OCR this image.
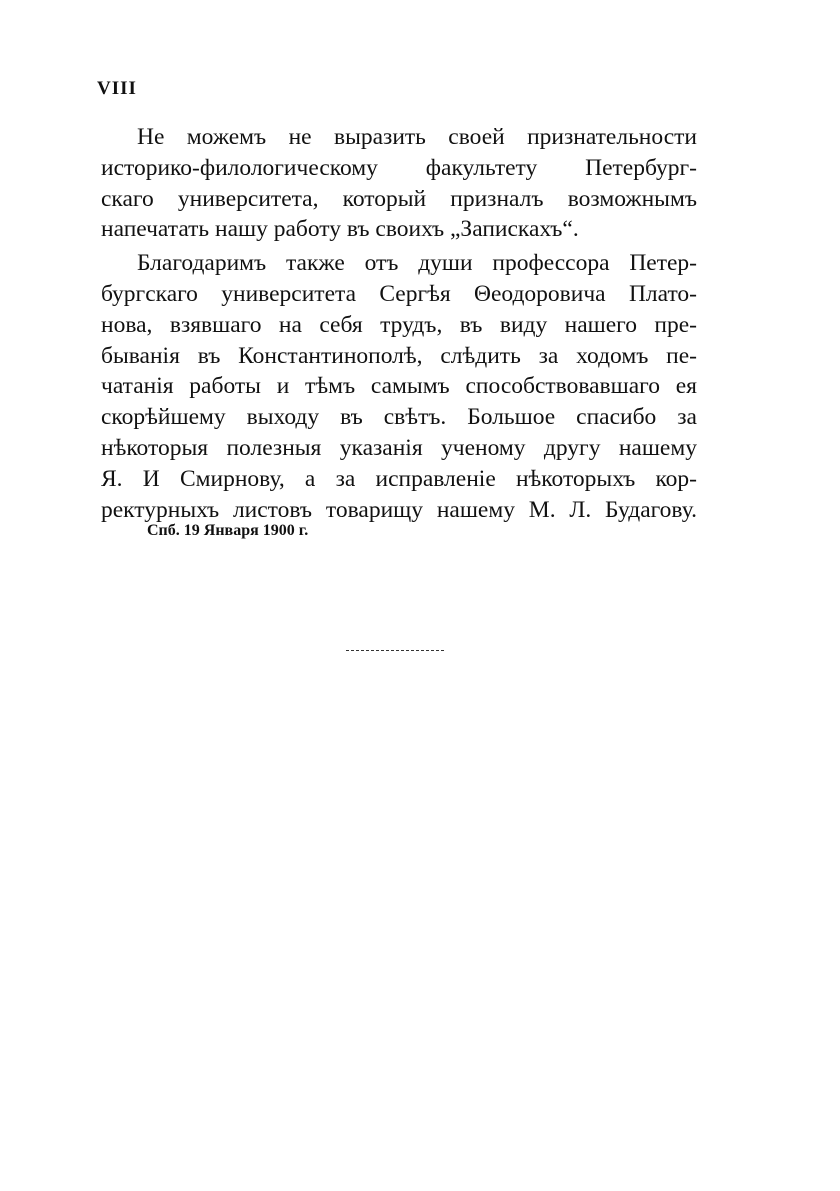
VIII
Не можемъ не выразить своей признательности
историко-филологическому факультету Петербург-
скаго университета, который призналъ возможнымъ
напечатать нашу работу въ своихъ „Запискахъ“.
Благодаримъ также отъ души профессора Петер-
бургскаго университета Сергѣя Θеодоровича Плато-
нова, взявшаго на себя трудъ, въ виду нашего пре-
быванія въ Константинополѣ, слѣдить за ходомъ пе-
чатанія работы и тѣмъ самымъ способствовавшаго ея
скорѣйшему выходу въ свѣтъ. Большое спасибо за
нѣкоторыя полезныя указанія ученому другу нашему
Я. И Смирнову, а за исправленіе нѣкоторыхъ кор-
ректурныхъ листовъ товарищу нашему М. Л. Будагову.
Спб. 19 Января 1900 г.
